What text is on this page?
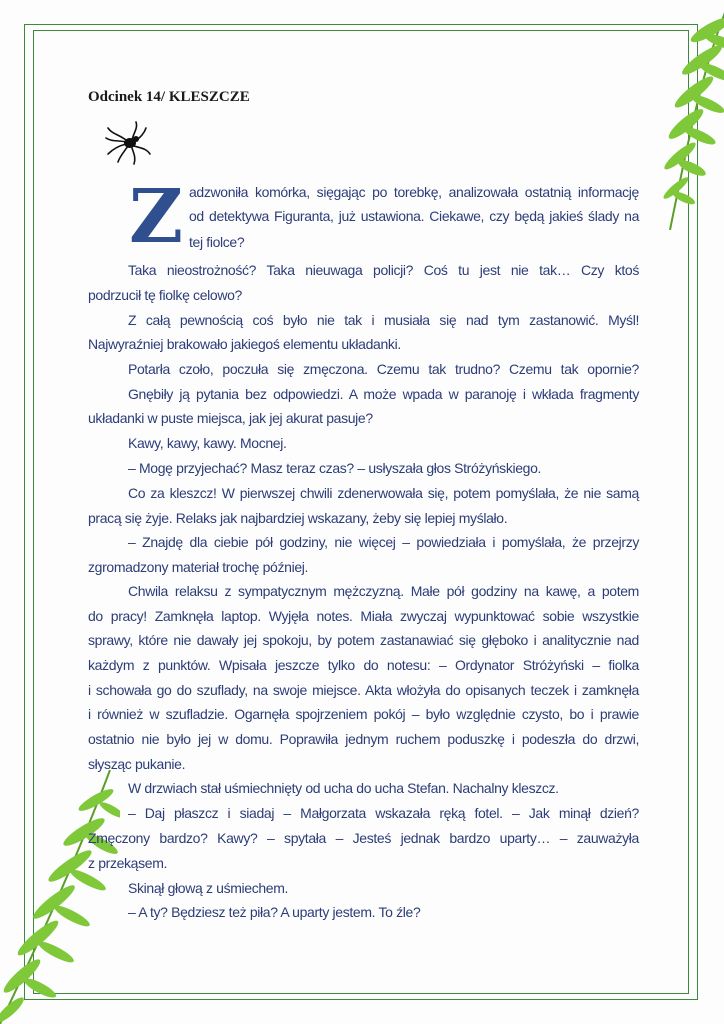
Odcinek 14/ KLESZCZE
Z adzwoniła komórka, sięgając po torebkę, analizowała ostatnią informację

od detektywa Figuranta, już ustawiona. Ciekawe, czy będą jakieś ślady na

tej fiolce?

Taka nieostrożność? Taka nieuwaga policji? Coś tu jest nie tak… Czy ktoś

podrzucił tę fiolkę celowo?

Z całą pewnością coś było nie tak i musiała się nad tym zastanowić. Myśl!

Najwyraźniej brakowało jakiegoś elementu układanki.

Potarła czoło, poczuła się zmęczona. Czemu tak trudno? Czemu tak opornie?

Gnębiły ją pytania bez odpowiedzi. A może wpada w paranoję i wkłada fragmenty

układanki w puste miejsca, jak jej akurat pasuje?

Kawy, kawy, kawy. Mocnej.

– Mogę przyjechać? Masz teraz czas? – usłyszała głos Stróżyńskiego.

Co za kleszcz! W pierwszej chwili zdenerwowała się, potem pomyślała, że nie samą

pracą się żyje. Relaks jak najbardziej wskazany, żeby się lepiej myślało.

– Znajdę dla ciebie pół godziny, nie więcej – powiedziała i pomyślała, że przejrzy

zgromadzony materiał trochę później.

Chwila relaksu z sympatycznym mężczyzną. Małe pół godziny na kawę, a potem

do pracy! Zamknęła laptop. Wyjęła notes. Miała zwyczaj wypunktować sobie wszystkie

sprawy, które nie dawały jej spokoju, by potem zastanawiać się głęboko i analitycznie nad

każdym z punktów. Wpisała jeszcze tylko do notesu: – Ordynator Stróżyński – fiolka

i schowała go do szuflady, na swoje miejsce. Akta włożyła do opisanych teczek i zamknęła

i również w szufladzie. Ogarnęła spojrzeniem pokój – było względnie czysto, bo i prawie

ostatnio nie było jej w domu. Poprawiła jednym ruchem poduszkę i podeszła do drzwi,

słysząc pukanie.

W drzwiach stał uśmiechnięty od ucha do ucha Stefan. Nachalny kleszcz.

– Daj płaszcz i siadaj – Małgorzata wskazała ręką fotel. – Jak minął dzień?

Zmęczony bardzo? Kawy? – spytała – Jesteś jednak bardzo uparty… – zauważyła

z przekąsem.

Skinął głową z uśmiechem.

– A ty? Będziesz też piła? A uparty jestem. To źle?
